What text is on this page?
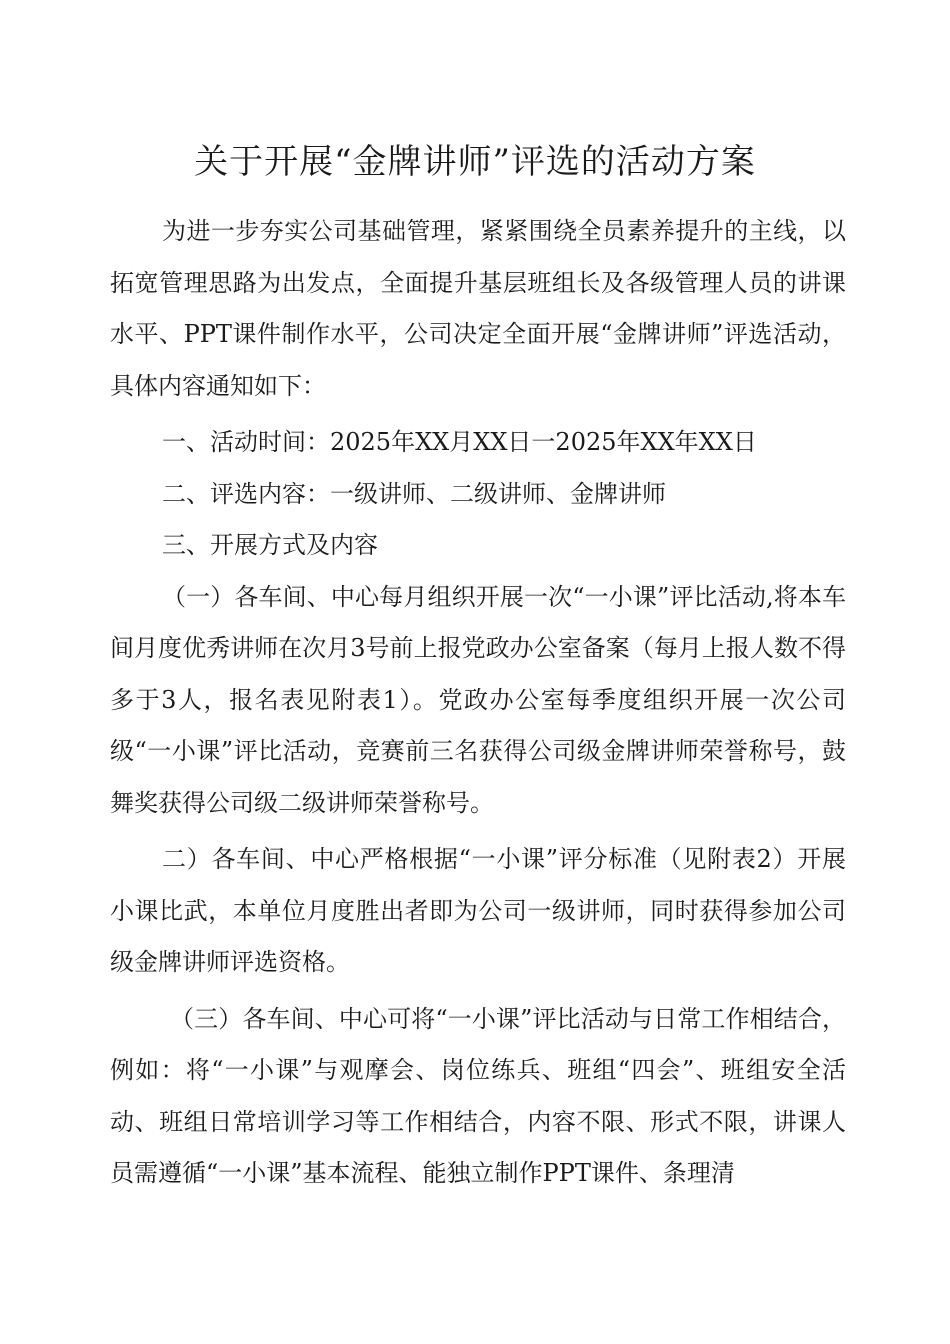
关于开展“金牌讲师”评选的活动方案

为进一步夯实公司基础管理，紧紧围绕全员素养提升的主线，以拓宽管理思路为出发点，全面提升基层班组长及各级管理人员的讲课水平、PPT课件制作水平，公司决定全面开展“金牌讲师”评选活动，具体内容通知如下：

一、活动时间：2025年XX月XX日一2025年XX年XX日

二、评选内容：一级讲师、二级讲师、金牌讲师

三、开展方式及内容

（一）各车间、中心每月组织开展一次“一小课”评比活动,将本车间月度优秀讲师在次月3号前上报党政办公室备案（每月上报人数不得多于3人，报名表见附表1）。党政办公室每季度组织开展一次公司级“一小课”评比活动，竞赛前三名获得公司级金牌讲师荣誉称号，鼓舞奖获得公司级二级讲师荣誉称号。

二）各车间、中心严格根据“一小课”评分标准（见附表2）开展小课比武，本单位月度胜出者即为公司一级讲师，同时获得参加公司级金牌讲师评选资格。

（三）各车间、中心可将“一小课”评比活动与日常工作相结合，例如：将“一小课”与观摩会、岗位练兵、班组“四会”、班组安全活动、班组日常培训学习等工作相结合，内容不限、形式不限，讲课人员需遵循“一小课”基本流程、能独立制作PPT课件、条理清
